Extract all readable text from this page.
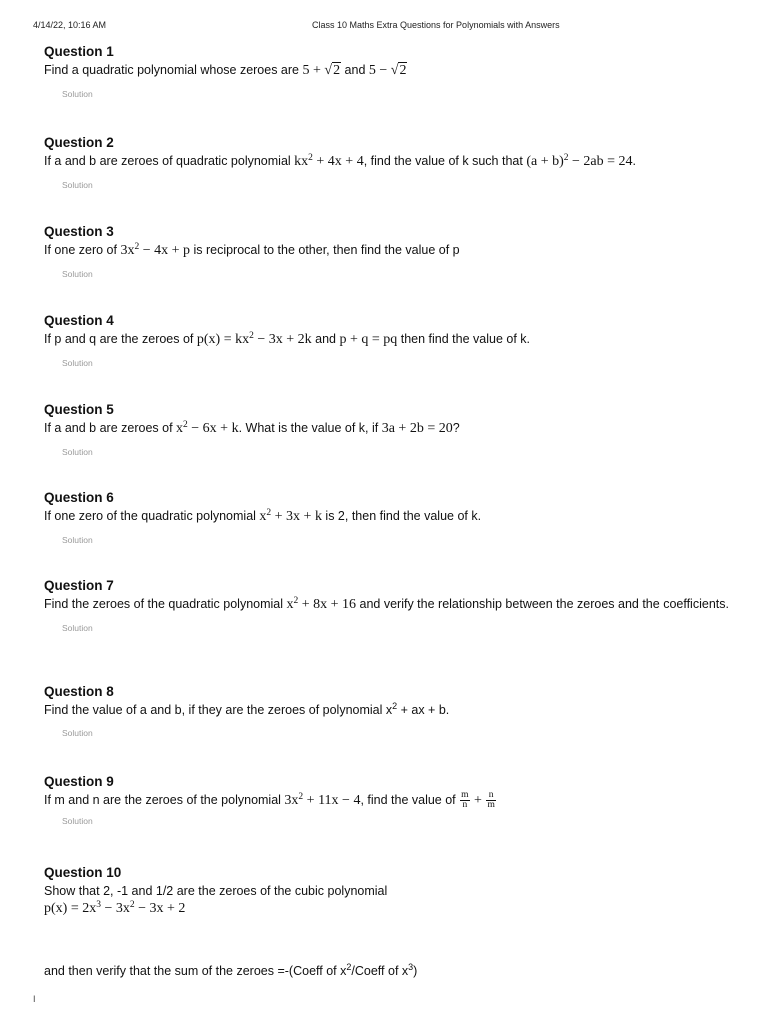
4/14/22, 10:16 AM	Class 10 Maths Extra Questions for Polynomials with Answers
Question 1
Find a quadratic polynomial whose zeroes are 5 + √2 and 5 − √2
Solution
Question 2
If a and b are zeroes of quadratic polynomial $kx^2 + 4x + 4$, find the value of k such that $(a + b)^2 - 2ab = 24$.
Solution
Question 3
If one zero of $3x^2 - 4x + p$ is reciprocal to the other, then find the value of p
Solution
Question 4
If p and q are the zeroes of $p(x) = kx^2 - 3x + 2k$ and p + q = pq then find the value of k.
Solution
Question 5
If a and b are zeroes of $x^2 - 6x + k$. What is the value of k, if 3a + 2b = 20?
Solution
Question 6
If one zero of the quadratic polynomial $x^2 + 3x + k$ is 2, then find the value of k.
Solution
Question 7
Find the zeroes of the quadratic polynomial $x^2 + 8x + 16$ and verify the relationship between the zeroes and the coefficients.
Solution
Question 8
Find the value of a and b, if they are the zeroes of polynomial $x^2$ + ax + b.
Solution
Question 9
If m and n are the zeroes of the polynomial $3x^2 + 11x - 4$, find the value of $\frac{m}{n} + \frac{n}{m}$
Solution
Question 10
Show that 2, -1 and 1/2 are the zeroes of the cubic polynomial
$p(x) = 2x^3 - 3x^2 - 3x + 2$
and then verify that the sum of the zeroes =-(Coeff of $x^2$/Coeff of $x^3$)
I
